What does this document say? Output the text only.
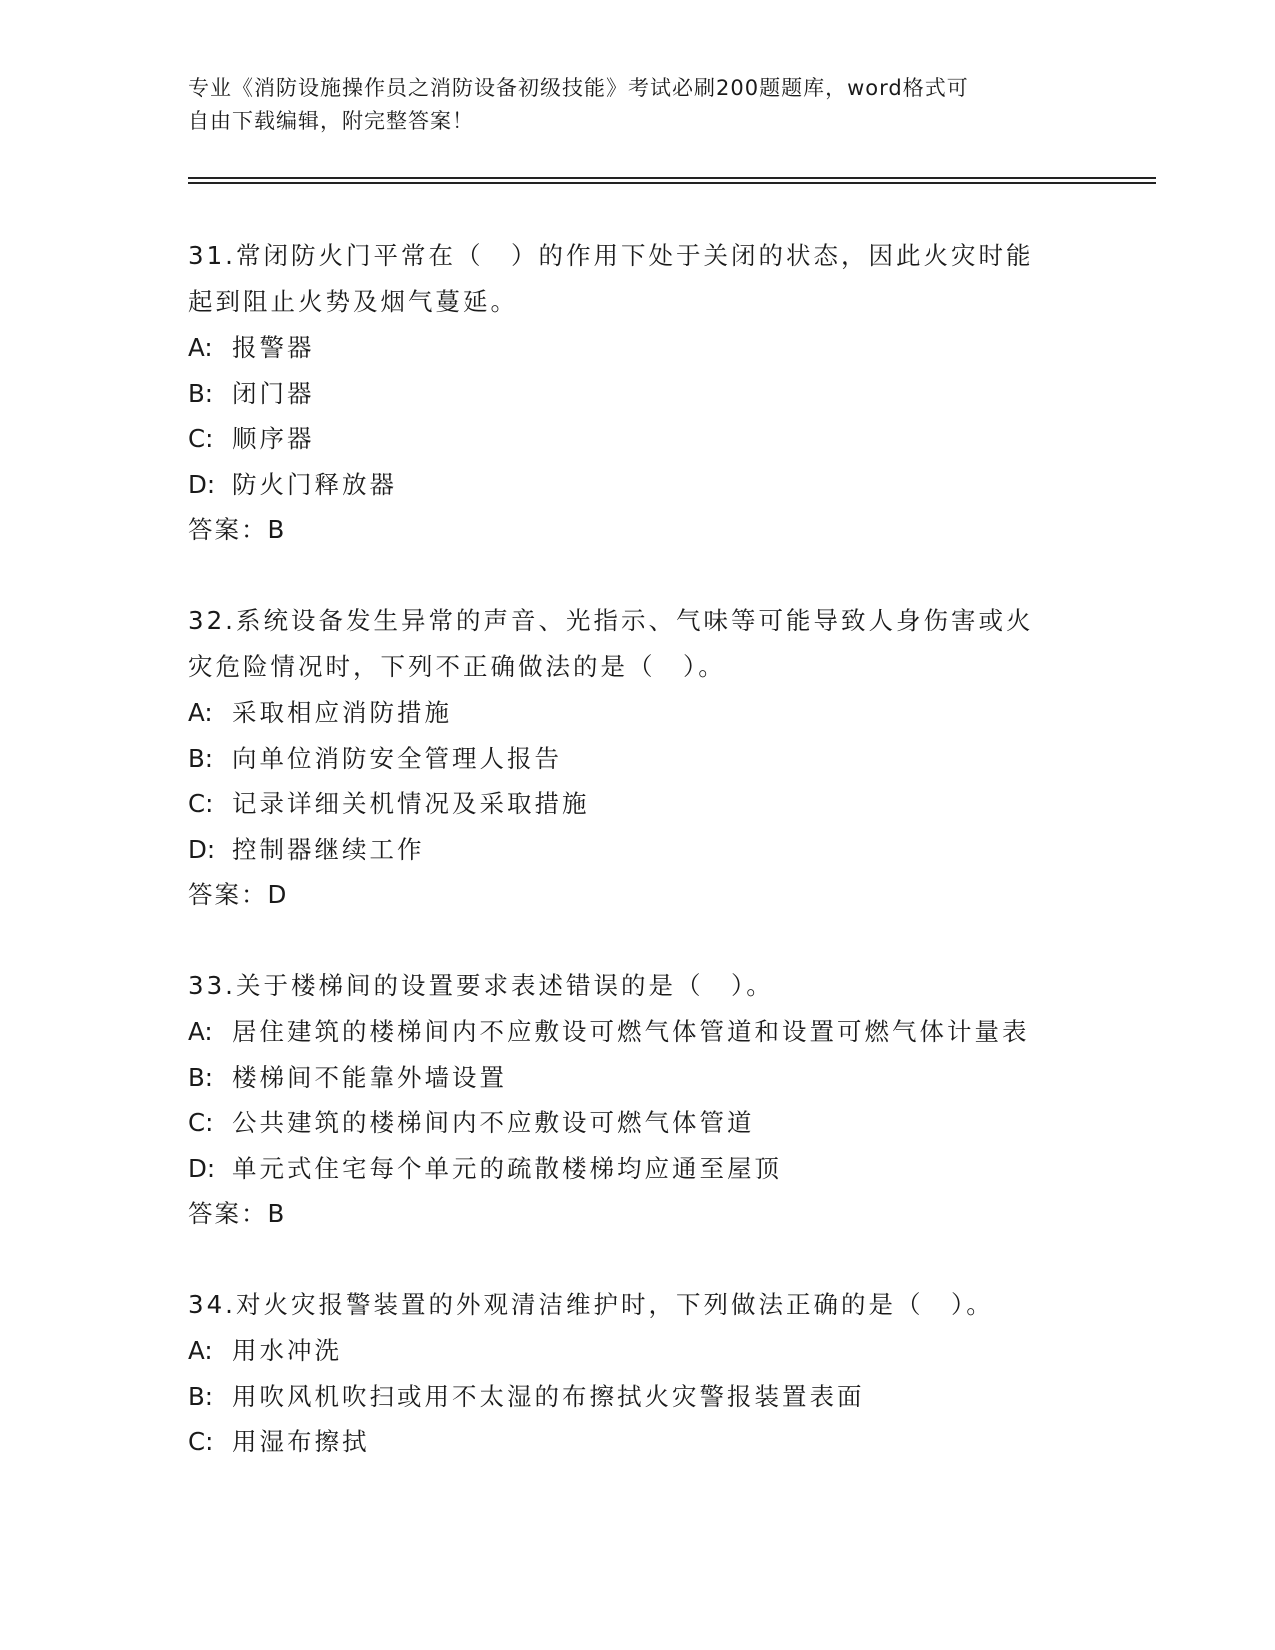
专业《消防设施操作员之消防设备初级技能》考试必刷200题题库，word格式可
自由下载编辑，附完整答案！

31.常闭防火门平常在（　）的作用下处于关闭的状态，因此火灾时能
起到阻止火势及烟气蔓延。

A: 报警器

B: 闭门器

C: 顺序器

D: 防火门释放器

答案：B

32.系统设备发生异常的声音、光指示、气味等可能导致人身伤害或火
灾危险情况时，下列不正确做法的是（　）。

A: 采取相应消防措施

B: 向单位消防安全管理人报告

C: 记录详细关机情况及采取措施

D: 控制器继续工作

答案：D

33.关于楼梯间的设置要求表述错误的是（　）。

A: 居住建筑的楼梯间内不应敷设可燃气体管道和设置可燃气体计量表

B: 楼梯间不能靠外墙设置

C: 公共建筑的楼梯间内不应敷设可燃气体管道

D: 单元式住宅每个单元的疏散楼梯均应通至屋顶

答案：B

34.对火灾报警装置的外观清洁维护时，下列做法正确的是（　）。

A: 用水冲洗

B: 用吹风机吹扫或用不太湿的布擦拭火灾警报装置表面

C: 用湿布擦拭
